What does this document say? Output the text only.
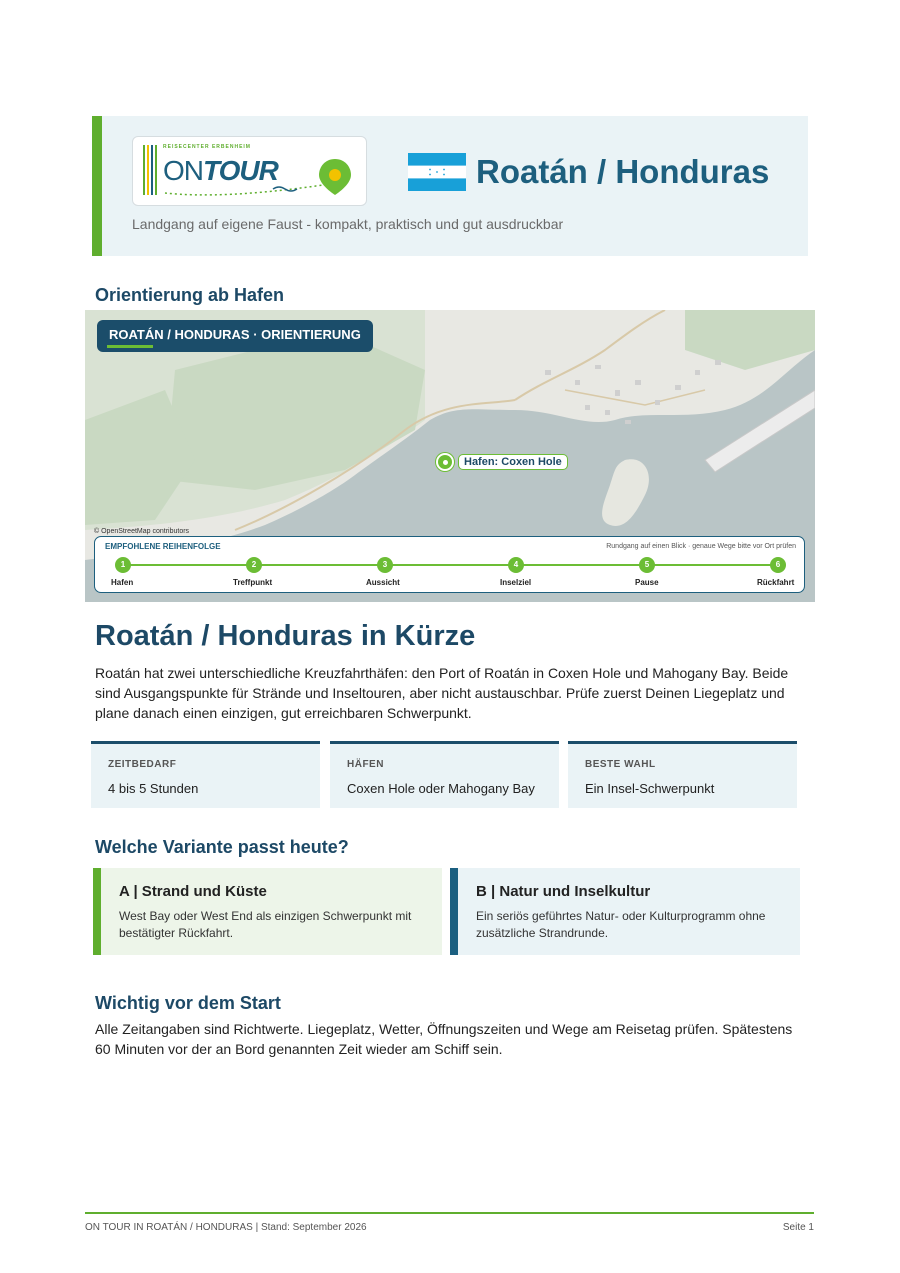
REISECENTER ERBENHEIM
ONTOUR	Roatán / Honduras
Landgang auf eigene Faust - kompakt, praktisch und gut ausdruckbar
Orientierung ab Hafen
ROATÁN / HONDURAS · ORIENTIERUNG
Hafen: Coxen Hole
© OpenStreetMap contributors
EMPFOHLENE REIHENFOLGE	Rundgang auf einen Blick · genaue Wege bitte vor Ort prüfen
1
Hafen
2
Treffpunkt
3
Aussicht
4
Inselziel
5
Pause
6
Rückfahrt
Roatán / Honduras in Kürze

Roatán hat zwei unterschiedliche Kreuzfahrthäfen: den Port of Roatán in Coxen Hole und Mahogany Bay. Beide sind Ausgangspunkte für Strände und Inseltouren, aber nicht austauschbar. Prüfe zuerst Deinen Liegeplatz und plane danach einen einzigen, gut erreichbaren Schwerpunkt.

ZEITBEDARF
4 bis 5 Stunden
HÄFEN
Coxen Hole oder Mahogany Bay
BESTE WAHL
Ein Insel-Schwerpunkt
Welche Variante passt heute?
A | Strand und Küste

West Bay oder West End als einzigen Schwerpunkt mit bestätigter Rückfahrt.

B | Natur und Inselkultur

Ein seriös geführtes Natur- oder Kulturprogramm ohne zusätzliche Strandrunde.

Wichtig vor dem Start

Alle Zeitangaben sind Richtwerte. Liegeplatz, Wetter, Öffnungszeiten und Wege am Reisetag prüfen. Spätestens 60 Minuten vor der an Bord genannten Zeit wieder am Schiff sein.

ON TOUR IN ROATÁN / HONDURAS | Stand: September 2026	Seite 1
